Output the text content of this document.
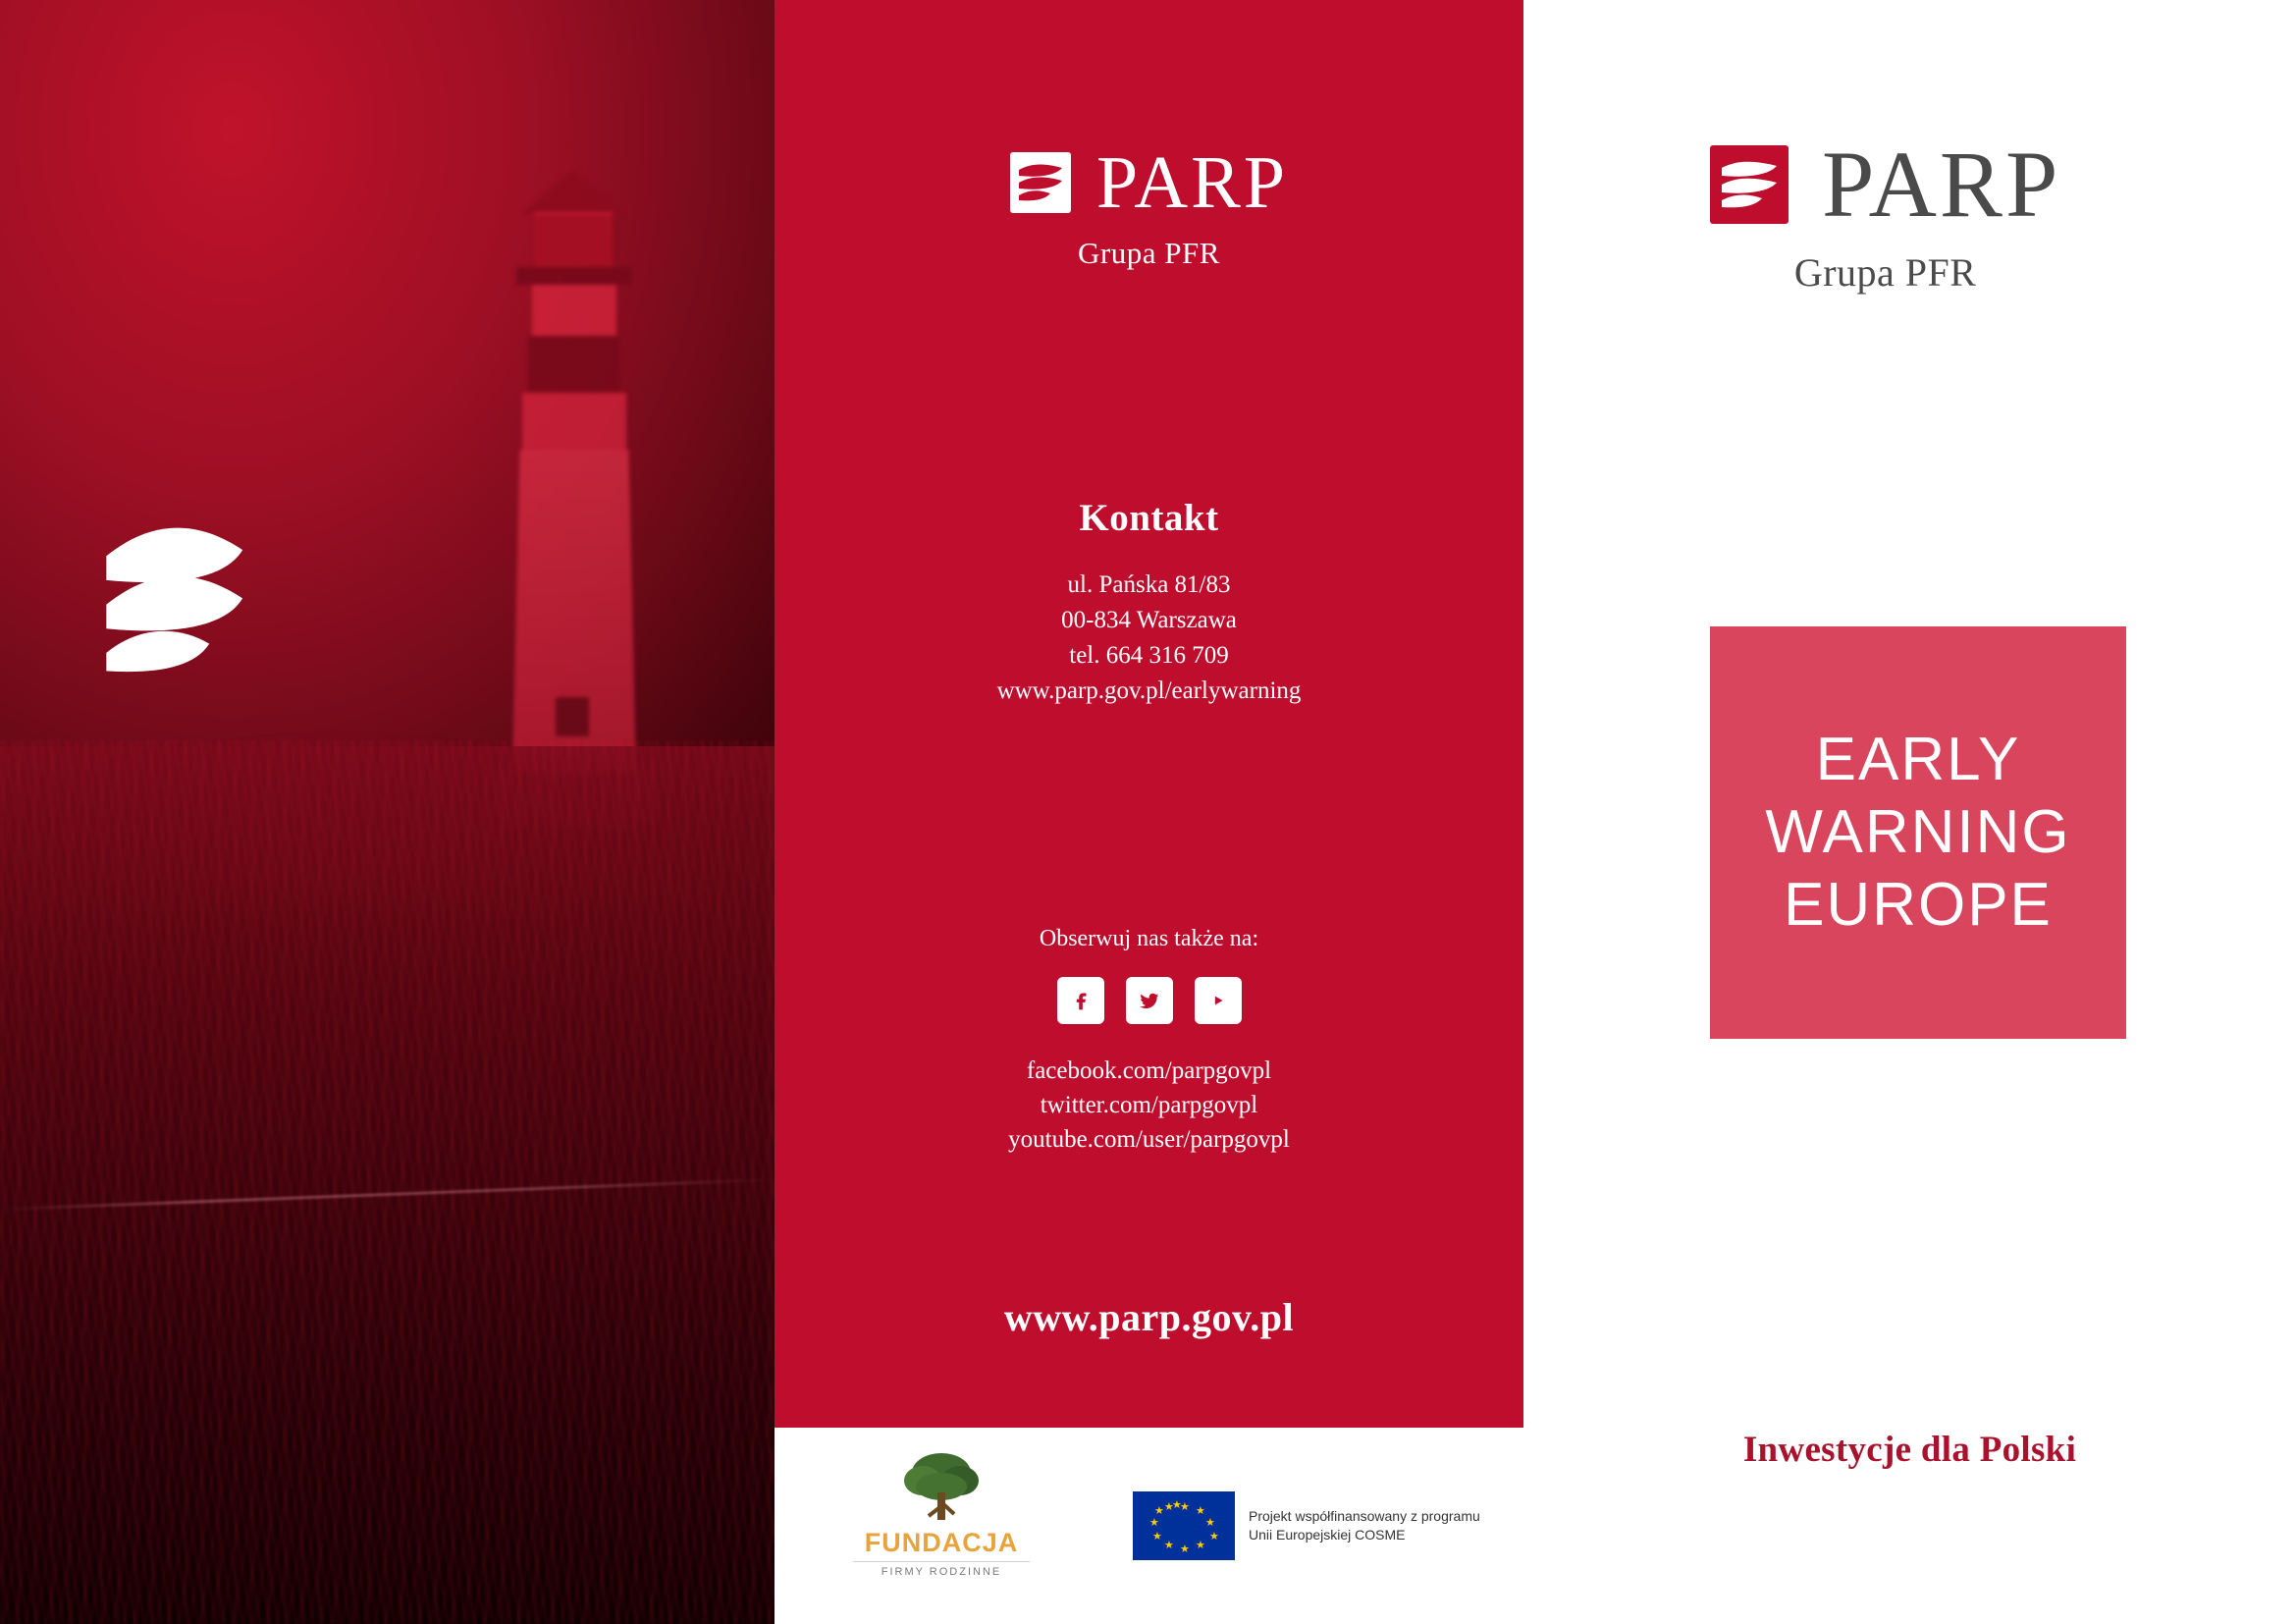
PARP
Grupa PFR
Kontakt
ul. Pańska 81/83
00-834 Warszawa
tel. 664 316 709
www.parp.gov.pl/earlywarning
Obserwuj nas także na:
facebook.com/parpgovpl
twitter.com/parpgovpl
youtube.com/user/parpgovpl
www.parp.gov.pl
FUNDACJA
FIRMY RODZINNE
★ ★
★
★
★
★
★
★
★
★ ★
★
Projekt współfinansowany z programu
Unii Europejskiej COSME
PARP
Grupa PFR
EARLY
WARNING
EUROPE
Inwestycje dla Polski
